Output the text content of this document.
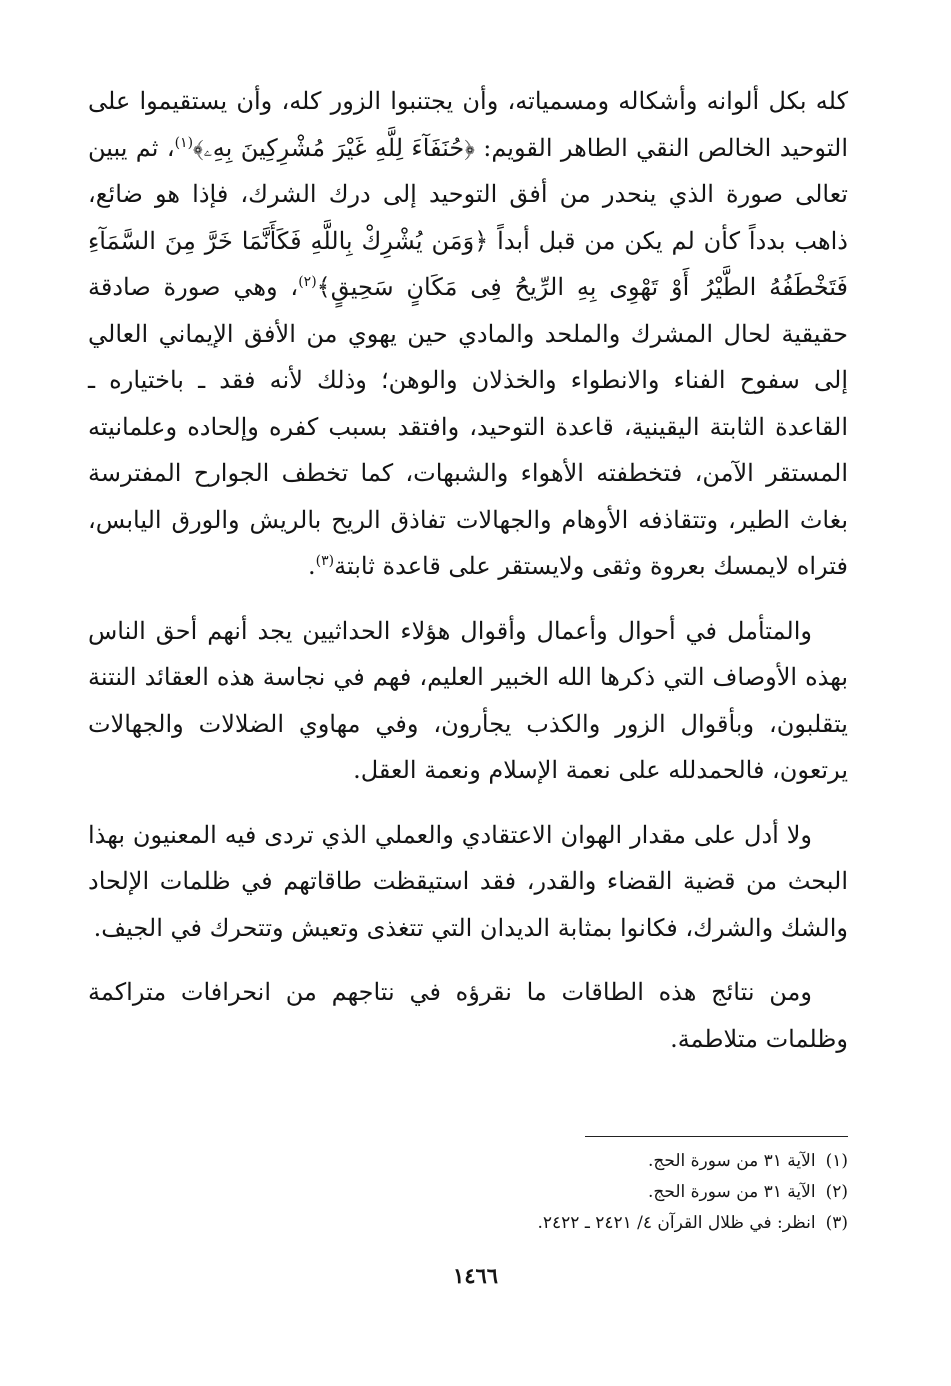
كله بكل ألوانه وأشكاله ومسمياته، وأن يجتنبوا الزور كله، وأن يستقيموا على التوحيد الخالص النقي الطاهر القويم: ﴿حُنَفَآءَ لِلَّهِ غَيْرَ مُشْرِكِينَ بِهِۦ﴾$^{(١)}$، ثم يبين تعالى صورة الذي ينحدر من أفق التوحيد إلى درك الشرك، فإذا هو ضائع، ذاهب بدداً كأن لم يكن من قبل أبداً ﴿وَمَن يُشْرِكْ بِاللَّهِ فَكَأَنَّمَا خَرَّ مِنَ السَّمَآءِ فَتَخْطَفُهُ الطَّيْرُ أَوْ تَهْوِى بِهِ الرِّيحُ فِى مَكَانٍ سَحِيقٍ﴾$^{(٢)}$، وهي صورة صادقة حقيقية لحال المشرك والملحد والمادي حين يهوي من الأفق الإيماني العالي إلى سفوح الفناء والانطواء والخذلان والوهن؛ وذلك لأنه فقد ـ باختياره ـ القاعدة الثابتة اليقينية، قاعدة التوحيد، وافتقد بسبب كفره وإلحاده وعلمانيته المستقر الآمن، فتخطفته الأهواء والشبهات، كما تخطف الجوارح المفترسة بغاث الطير، وتتقاذفه الأوهام والجهالات تفاذق الريح بالريش والورق اليابس، فتراه لايمسك بعروة وثقى ولايستقر على قاعدة ثابتة$^{(٣)}$.

والمتأمل في أحوال وأعمال وأقوال هؤلاء الحداثيين يجد أنهم أحق الناس بهذه الأوصاف التي ذكرها الله الخبير العليم، فهم في نجاسة هذه العقائد النتنة يتقلبون، وبأقوال الزور والكذب يجأرون، وفي مهاوي الضلالات والجهالات يرتعون، فالحمدلله على نعمة الإسلام ونعمة العقل.

ولا أدل على مقدار الهوان الاعتقادي والعملي الذي تردى فيه المعنيون بهذا البحث من قضية القضاء والقدر، فقد استيقظت طاقاتهم في ظلمات الإلحاد والشك والشرك، فكانوا بمثابة الديدان التي تتغذى وتعيش وتتحرك في الجيف.

ومن نتائج هذه الطاقات ما نقرؤه في نتاجهم من انحرافات متراكمة وظلمات متلاطمة.

(١)الآية ٣١ من سورة الحج.
(٢)الآية ٣١ من سورة الحج.
(٣)انظر: في ظلال القرآن ٤/ ٢٤٢١ ـ ٢٤٢٢.
١٤٦٦
